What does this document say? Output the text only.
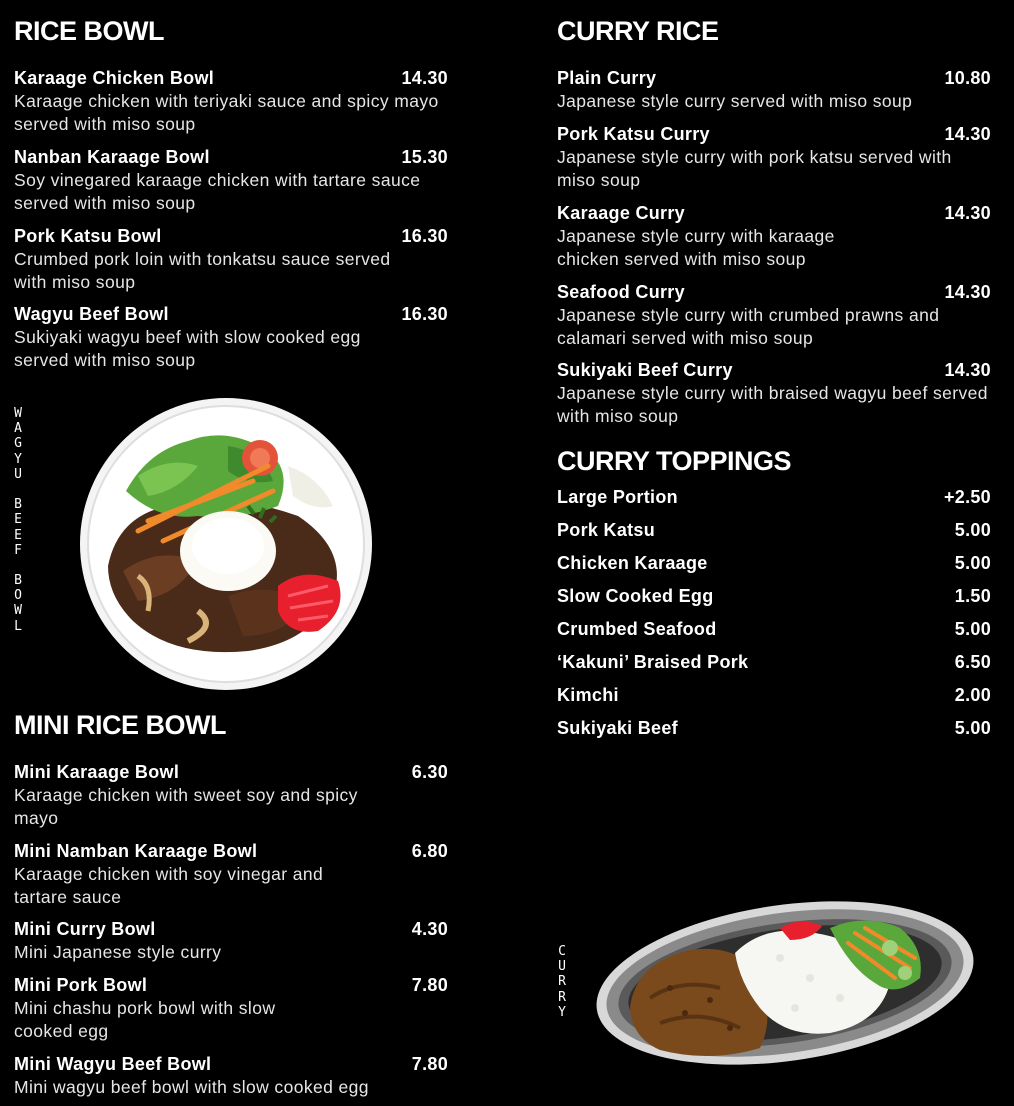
RICE BOWL
Karaage Chicken Bowl	14.30
Karaage chicken with teriyaki sauce and spicy mayo served with miso soup
Nanban Karaage Bowl	15.30
Soy vinegared karaage chicken with tartare sauce served with miso soup
Pork Katsu Bowl	16.30
Crumbed pork loin with tonkatsu sauce served with miso soup
Wagyu Beef Bowl	16.30
Sukiyaki wagyu beef with slow cooked egg served with miso soup
W
A
G
Y
U

B
E
E
F

B
O
W
L
MINI RICE BOWL
Mini Karaage Bowl	6.30
Karaage chicken with sweet soy and spicy mayo
Mini Namban Karaage Bowl	6.80
Karaage chicken with soy vinegar and tartare sauce
Mini Curry Bowl	4.30
Mini Japanese style curry
Mini Pork Bowl	7.80
Mini chashu pork bowl with slow cooked egg
Mini Wagyu Beef Bowl	7.80
Mini wagyu beef bowl with slow cooked egg
CURRY RICE
Plain Curry	10.80
Japanese style curry served with miso soup
Pork Katsu Curry	14.30
Japanese style curry with pork katsu served with miso soup
Karaage Curry	14.30
Japanese style curry with karaage chicken served with miso soup
Seafood Curry	14.30
Japanese style curry with crumbed prawns and calamari served with miso soup
Sukiyaki Beef Curry	14.30
Japanese style curry with braised wagyu beef served with miso soup
CURRY TOPPINGS
Large Portion	+2.50
Pork Katsu	5.00
Chicken Karaage	5.00
Slow Cooked Egg	1.50
Crumbed Seafood	5.00
‘Kakuni’ Braised Pork	6.50
Kimchi	2.00
Sukiyaki Beef	5.00
C
U
R
R
Y
